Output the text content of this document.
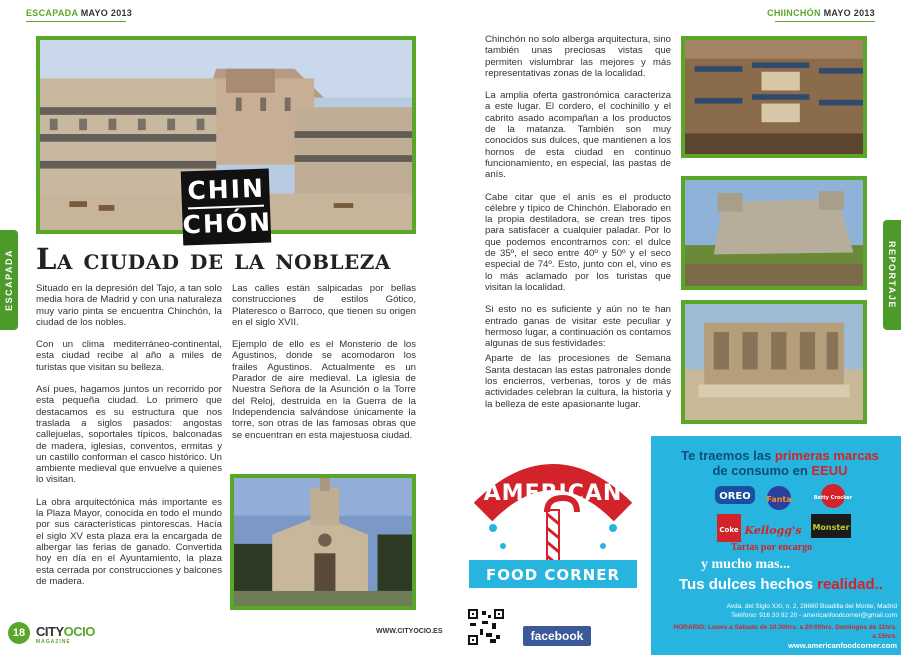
ESCAPADA MAYO 2013	CHIINCHÓN MAYO 2013
ESCAPADA	REPORTAJE
CHIN
CHÓN
La ciudad de la nobleza

Situado en la depresión del Tajo, a tan solo media hora de Madrid y con una naturaleza muy vario pinta se encuentra Chinchón, la ciudad de los nobles.

Con un clima mediterráneo-continental, esta ciudad recibe al año a miles de turistas que visitan su belleza.

Así pues, hagamos juntos un recorrido por esta pequeña ciudad. Lo primero que destacamos es su estructura que nos traslada a siglos pasados: angostas callejuelas, soportales típicos, balconadas de madera, iglesias, conventos, ermitas y un castillo conforman el casco histórico. Un ambiente medieval que envuelve a quienes lo visitan.

La obra arquitectónica más importante es la Plaza Mayor, conocida en todo el mundo por sus características pintorescas. Hacía el siglo XV esta plaza era la encargada de albergar las ferias de ganado. Convertida hoy en día en el Ayuntamiento, la plaza esta cerrada por construcciones y balcones de madera.

Las calles están salpicadas por bellas construcciones de estilos Gótico, Plateresco o Barroco, que tienen su origen en el siglo XVII.

Ejemplo de ello es el Monsterio de los Agustinos, donde se acomodaron los frailes Agustinos. Actualmente es un Parador de aire medieval. La iglesia de Nuestra Señora de la Asunción o la Torre del Reloj, destruida en la Guerra de la Independencia salvándose únicamente la torre, son otras de las famosas obras que se encuentran en esta majestuosa ciudad.

18 CITYOCIO
MAGAZINE
WWW.CITYOCIO.ES

Chinchón no solo alberga arquitectura, sino también unas preciosas vistas que permiten vislumbrar las mejores y más representativas zonas de la localidad.

La amplia oferta gastronómica caracteriza a este lugar. El cordero, el cochinillo y el cabrito asado acompañan a los productos de la matanza. También son muy conocidos sus dulces, que mantienen a los hornos de esta ciudad en continuo funcionamiento, en especial, las pastas de anís.

Cabe citar que el anís es el producto célebre y típico de Chinchón. Elaborado en la propia destiladora, se crean tres tipos para satisfacer a cualquier paladar. Por lo que podemos encontrarnos con: el dulce de 35º, el seco entre 40º y 50º y el seco especial de 74º. Esto, junto con el, vino es lo más aclamado por los turistas que visitan la localidad.

Si esto no es suficiente y aún no te han entrado ganas de visitar este peculiar y hermoso lugar, a continuación os contamos algunas de sus festividades:

Aparte de las procesiones de Semana Santa destacan las estas patronales donde los encierros, verbenas, toros y de más actividades celebran la cultura, la historia y la belleza de este apasionante lugar.

AMERICAN
FOOD CORNER
Te traemos las primeras marcas
de consumo en EEUU
OREO Fanta
Coke Kellogg's Monster
Betty Crocker
Tartas por encargo
y mucho mas...
Tus dulces hechos realidad..
Avda. del Siglo XXI, n. 2, 28660 Boadilla del Monte, Madrid
Teléfono: 916 33 92 20 - americanfoodcorner@gmail.com
HORARIO: Lunes a Sábado de 10:30hrs. a 20:00hrs. Domingos de 11hrs. a 15hrs.
www.americanfoodcorner.com
siguenos en:
facebook
